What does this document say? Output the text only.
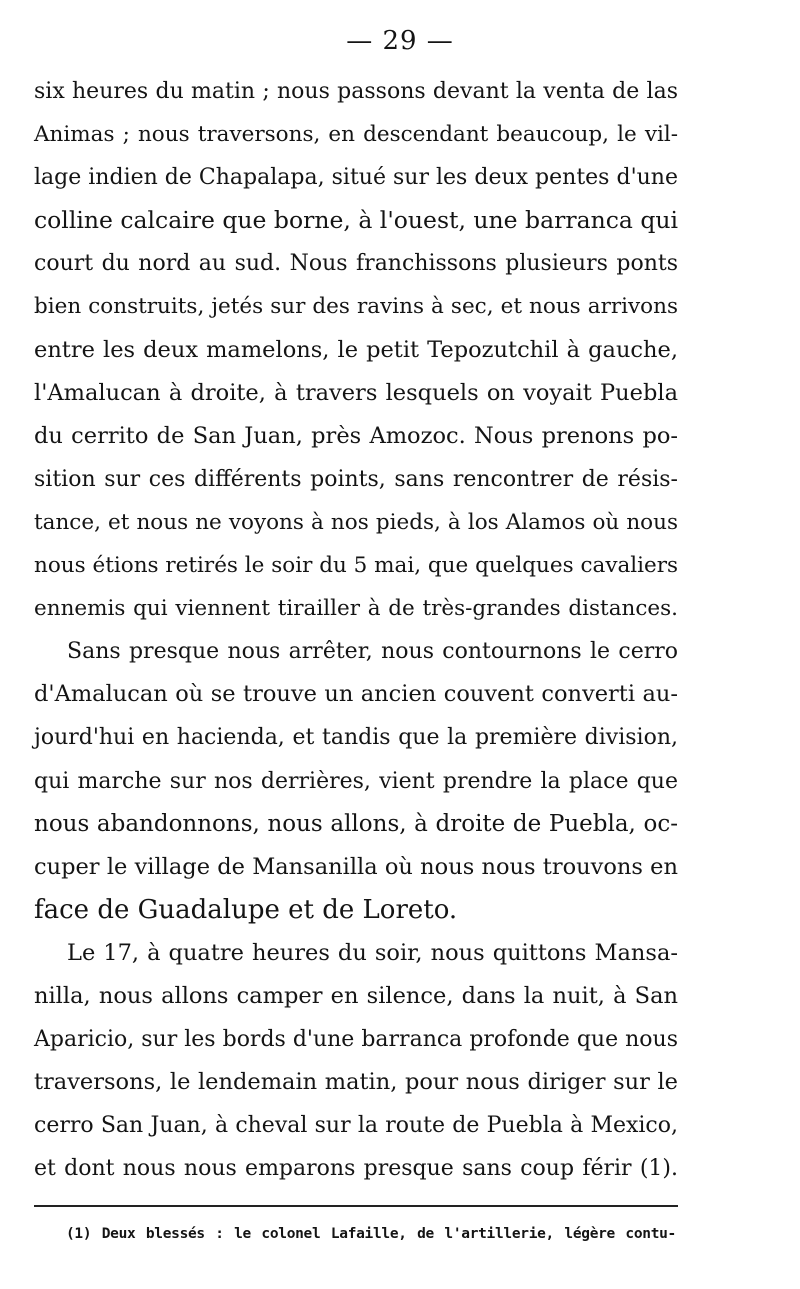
— 29 —
six heures du matin ; nous passons devant la venta de las
Animas ; nous traversons, en descendant beaucoup, le vil-
lage indien de Chapalapa, situé sur les deux pentes d'une
colline calcaire que borne, à l'ouest, une barranca qui
court du nord au sud. Nous franchissons plusieurs ponts
bien construits, jetés sur des ravins à sec, et nous arrivons
entre les deux mamelons, le petit Tepozutchil à gauche,
l'Amalucan à droite, à travers lesquels on voyait Puebla
du cerrito de San Juan, près Amozoc. Nous prenons po-
sition sur ces différents points, sans rencontrer de résis-
tance, et nous ne voyons à nos pieds, à los Alamos où nous
nous étions retirés le soir du 5 mai, que quelques cavaliers
ennemis qui viennent tirailler à de très-grandes distances.
Sans presque nous arrêter, nous contournons le cerro
d'Amalucan où se trouve un ancien couvent converti au-
jourd'hui en hacienda, et tandis que la première division,
qui marche sur nos derrières, vient prendre la place que
nous abandonnons, nous allons, à droite de Puebla, oc-
cuper le village de Mansanilla où nous nous trouvons en
face de Guadalupe et de Loreto.
Le 17, à quatre heures du soir, nous quittons Mansa-
nilla, nous allons camper en silence, dans la nuit, à San
Aparicio, sur les bords d'une barranca profonde que nous
traversons, le lendemain matin, pour nous diriger sur le
cerro San Juan, à cheval sur la route de Puebla à Mexico,
et dont nous nous emparons presque sans coup férir (1).
(1) Deux blessés : le colonel Lafaille, de l'artillerie, légère contu-
